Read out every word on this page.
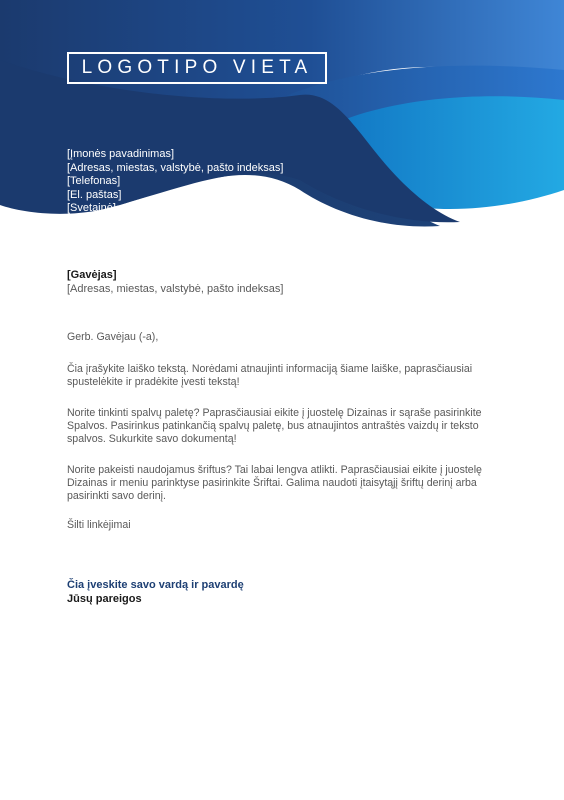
LOGOTIPO VIETA
[Įmonės pavadinimas]
[Adresas, miestas, valstybė, pašto indeksas]
[Telefonas]
[El. paštas]
[Svetainė]
[Gavėjas]
[Adresas, miestas, valstybė, pašto indeksas]

Gerb. Gavėjau (-a),

Čia įrašykite laiško tekstą. Norėdami atnaujinti informaciją šiame laiške, paprasčiausiai spustelėkite ir pradėkite įvesti tekstą!

Norite tinkinti spalvų paletę? Paprasčiausiai eikite į juostelę Dizainas ir sąraše pasirinkite Spalvos. Pasirinkus patinkančią spalvų paletę, bus atnaujintos antraštės vaizdų ir teksto spalvos. Sukurkite savo dokumentą!

Norite pakeisti naudojamus šriftus? Tai labai lengva atlikti. Paprasčiausiai eikite į juostelę Dizainas ir meniu parinktyse pasirinkite Šriftai. Galima naudoti įtaisytąjį šriftų derinį arba pasirinkti savo derinį.

Šilti linkėjimai
Čia įveskite savo vardą ir pavardę
Jūsų pareigos
